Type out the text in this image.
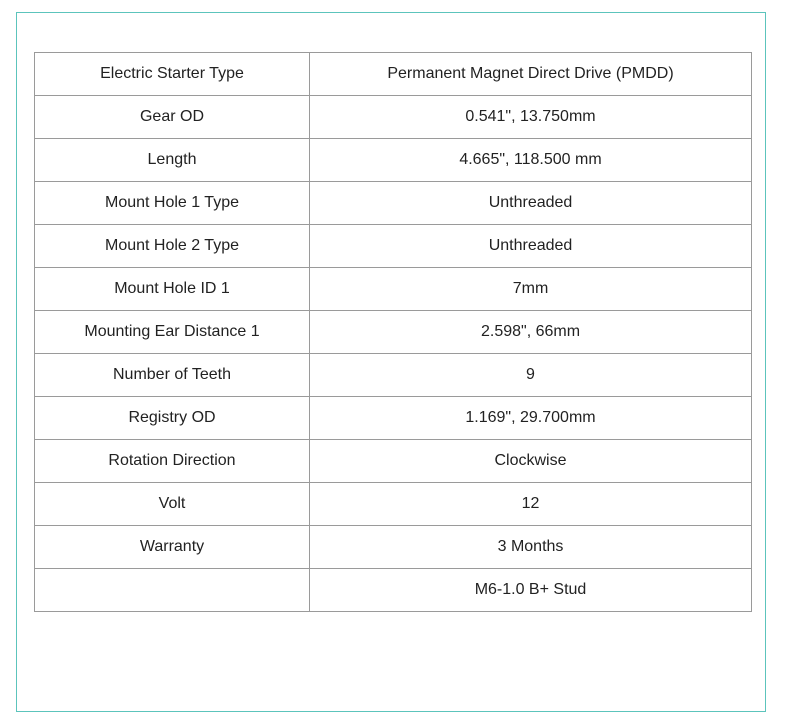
Electric Starter Type	Permanent Magnet Direct Drive (PMDD)
Gear OD	0.541", 13.750mm
Length	4.665", 118.500 mm
Mount Hole 1 Type	Unthreaded
Mount Hole 2 Type	Unthreaded
Mount Hole ID 1	7mm
Mounting Ear Distance 1	2.598", 66mm
Number of Teeth	9
Registry OD	1.169", 29.700mm
Rotation Direction	Clockwise
Volt	12
Warranty	3 Months
	M6-1.0 B+ Stud
